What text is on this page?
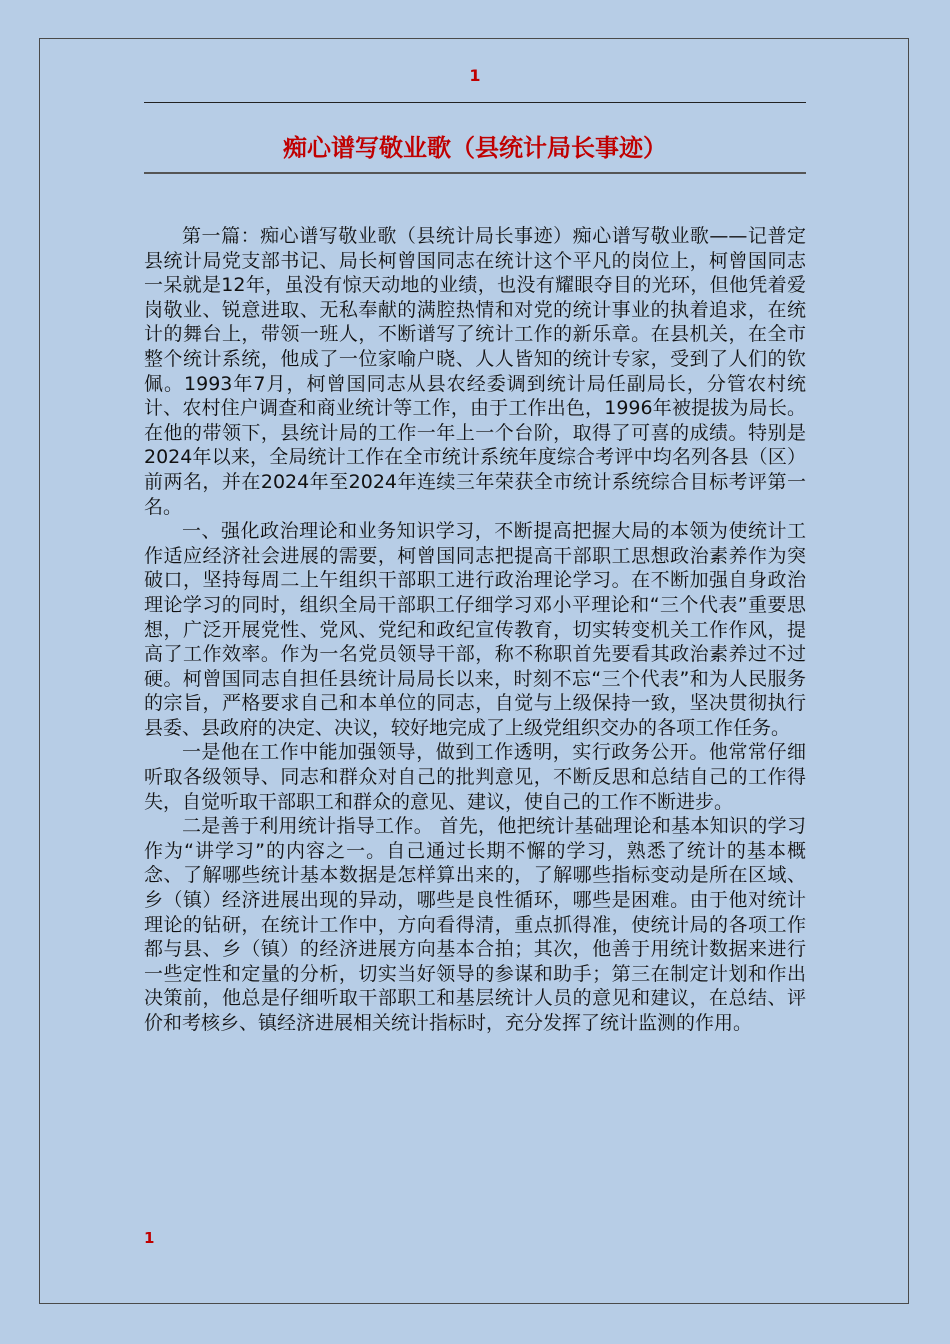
1
痴心谱写敬业歌（县统计局长事迹）

第一篇：痴心谱写敬业歌（县统计局长事迹）痴心谱写敬业歌——记普定县统计局党支部书记、局长柯曾国同志在统计这个平凡的岗位上，柯曾国同志一呆就是12年，虽没有惊天动地的业绩，也没有耀眼夺目的光环，但他凭着爱岗敬业、锐意进取、无私奉献的满腔热情和对党的统计事业的执着追求，在统计的舞台上，带领一班人，不断谱写了统计工作的新乐章。在县机关，在全市整个统计系统，他成了一位家喻户晓、人人皆知的统计专家，受到了人们的钦佩。1993年7月，柯曾国同志从县农经委调到统计局任副局长，分管农村统计、农村住户调查和商业统计等工作，由于工作出色，1996年被提拔为局长。在他的带领下，县统计局的工作一年上一个台阶，取得了可喜的成绩。特别是2024年以来，全局统计工作在全市统计系统年度综合考评中均名列各县（区）前两名，并在2024年至2024年连续三年荣获全市统计系统综合目标考评第一名。

一、强化政治理论和业务知识学习，不断提高把握大局的本领为使统计工作适应经济社会进展的需要，柯曾国同志把提高干部职工思想政治素养作为突破口，坚持每周二上午组织干部职工进行政治理论学习。在不断加强自身政治理论学习的同时，组织全局干部职工仔细学习邓小平理论和“三个代表”重要思想，广泛开展党性、党风、党纪和政纪宣传教育，切实转变机关工作作风，提高了工作效率。作为一名党员领导干部，称不称职首先要看其政治素养过不过硬。柯曾国同志自担任县统计局局长以来，时刻不忘“三个代表”和为人民服务的宗旨，严格要求自己和本单位的同志，自觉与上级保持一致，坚决贯彻执行县委、县政府的决定、决议，较好地完成了上级党组织交办的各项工作任务。

一是他在工作中能加强领导，做到工作透明，实行政务公开。他常常仔细听取各级领导、同志和群众对自己的批判意见，不断反思和总结自己的工作得失，自觉听取干部职工和群众的意见、建议，使自己的工作不断进步。

二是善于利用统计指导工作。 首先，他把统计基础理论和基本知识的学习作为“讲学习”的内容之一。自己通过长期不懈的学习，熟悉了统计的基本概念、了解哪些统计基本数据是怎样算出来的，了解哪些指标变动是所在区域、乡（镇）经济进展出现的异动，哪些是良性循环，哪些是困难。由于他对统计理论的钻研，在统计工作中，方向看得清，重点抓得准，使统计局的各项工作都与县、乡（镇）的经济进展方向基本合拍；其次，他善于用统计数据来进行一些定性和定量的分析，切实当好领导的参谋和助手；第三在制定计划和作出决策前，他总是仔细听取干部职工和基层统计人员的意见和建议，在总结、评价和考核乡、镇经济进展相关统计指标时，充分发挥了统计监测的作用。

1
